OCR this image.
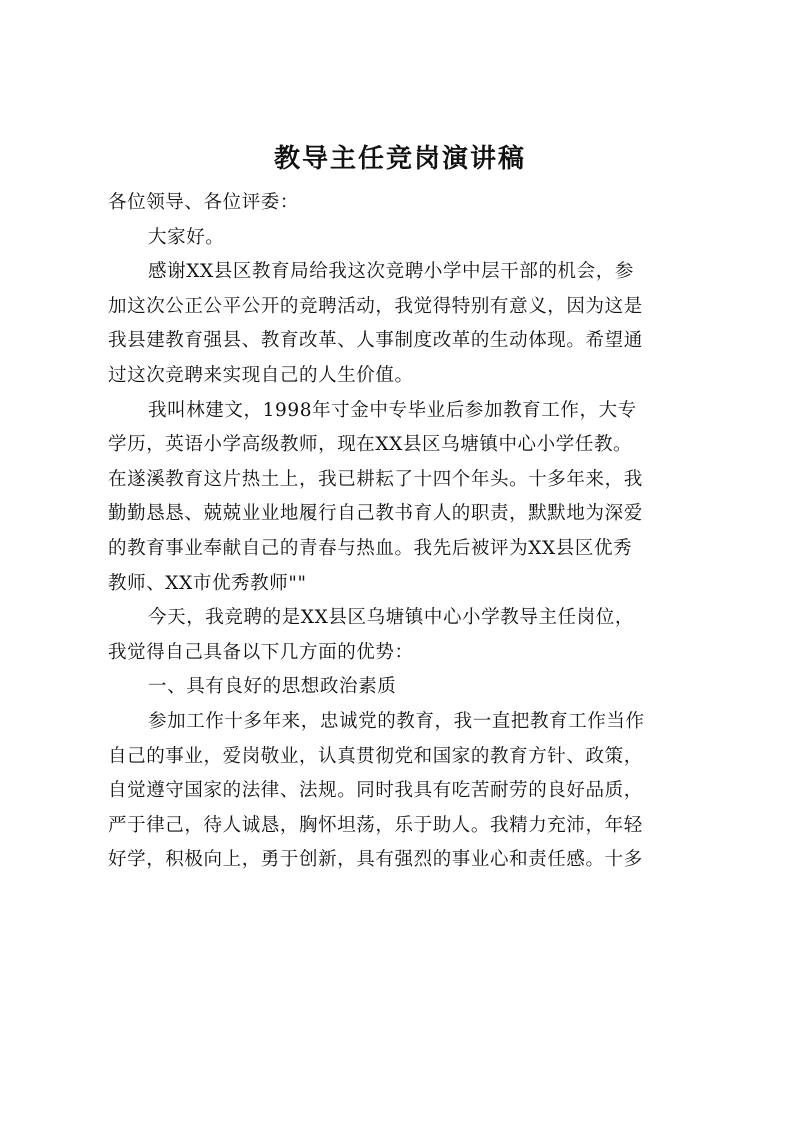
教导主任竞岗演讲稿
各位领导、各位评委：
大家好。
感谢XX县区教育局给我这次竞聘小学中层干部的机会，参
加这次公正公平公开的竞聘活动，我觉得特别有意义，因为这是
我县建教育强县、教育改革、人事制度改革的生动体现。希望通
过这次竞聘来实现自己的人生价值。
我叫林建文，1998年寸金中专毕业后参加教育工作，大专
学历，英语小学高级教师，现在XX县区乌塘镇中心小学任教。
在遂溪教育这片热土上，我已耕耘了十四个年头。十多年来，我
勤勤恳恳、兢兢业业地履行自己教书育人的职责，默默地为深爱
的教育事业奉献自己的青春与热血。我先后被评为XX县区优秀
教师、XX市优秀教师""
今天，我竞聘的是XX县区乌塘镇中心小学教导主任岗位，
我觉得自己具备以下几方面的优势：
一、具有良好的思想政治素质
参加工作十多年来，忠诚党的教育，我一直把教育工作当作
自己的事业，爱岗敬业，认真贯彻党和国家的教育方针、政策，
自觉遵守国家的法律、法规。同时我具有吃苦耐劳的良好品质，
严于律己，待人诚恳，胸怀坦荡，乐于助人。我精力充沛，年轻
好学，积极向上，勇于创新，具有强烈的事业心和责任感。十多
